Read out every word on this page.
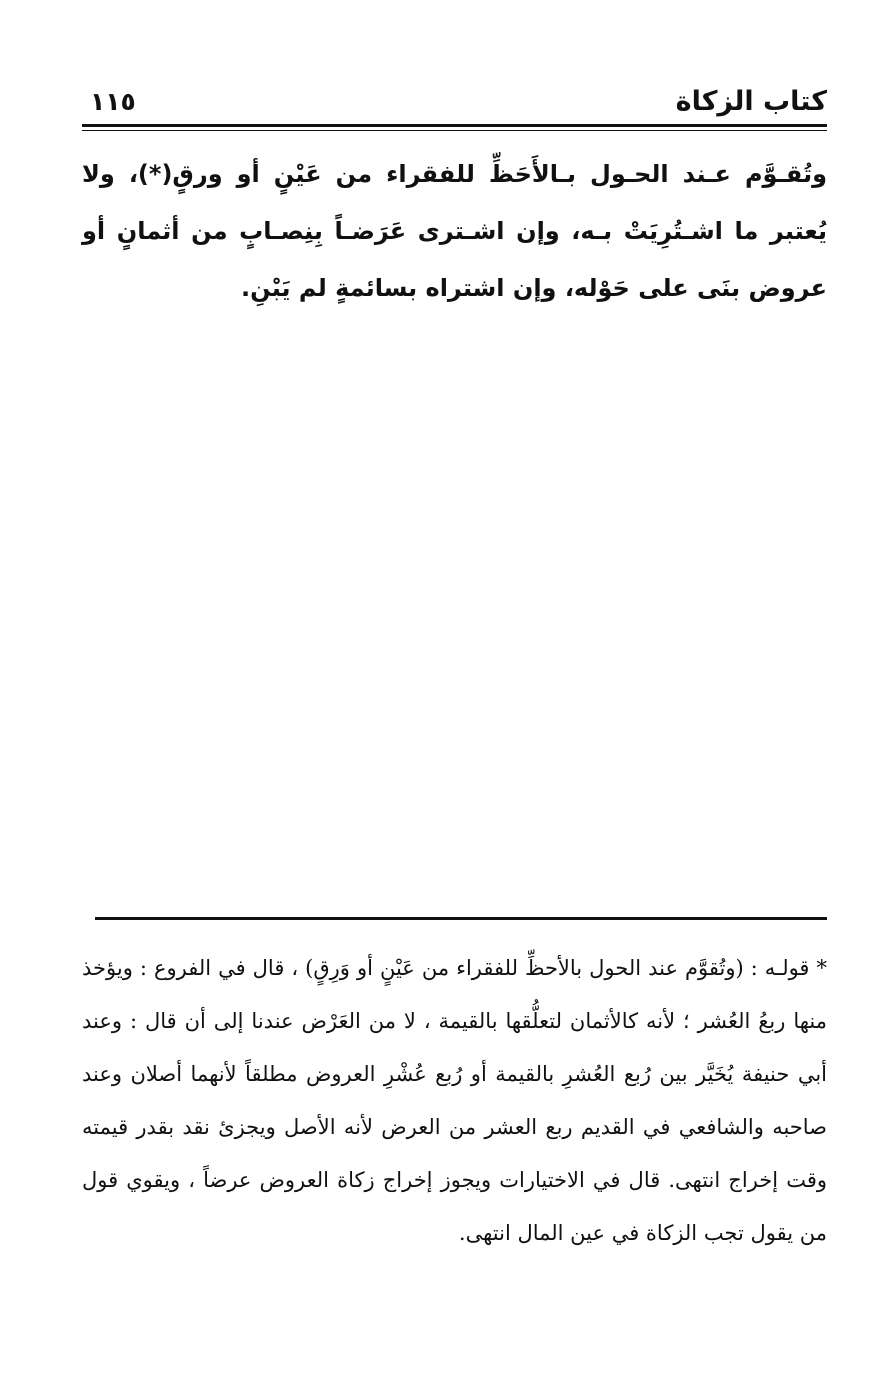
كتاب الزكاة
١١٥
وتُقـوَّم عـند الحـول بـالأَحَظِّ للفقراء من عَيْنٍ أو ورقٍ(*)، ولا يُعتبر ما اشـتُرِيَتْ بـه، وإن اشـترى عَرَضـاً بِنِصـابٍ من أثمانٍ أو عروض بنَى على حَوْله، وإن اشتراه بسائمةٍ لم يَبْنِ.
* قولـه : (وتُقوَّم عند الحول بالأحظِّ للفقراء من عَيْنٍ أو وَرِقٍ) ، قال في الفروع : ويؤخذ منها ربعُ العُشر ؛ لأنه كالأثمان لتعلُّقها بالقيمة ، لا من العَرْض عندنا إلى أن قال : وعند أبي حنيفة يُخَيَّر بين رُبع العُشرِ بالقيمة أو رُبع عُشْرِ العروض مطلقاً لأنهما أصلان وعند صاحبه والشافعي في القديم ربع العشر من العرض لأنه الأصل ويجزئ نقد بقدر قيمته وقت إخراج انتهى. قال في الاختيارات ويجوز إخراج زكاة العروض عرضاً ، ويقوي قول من يقول تجب الزكاة في عين المال انتهى.
